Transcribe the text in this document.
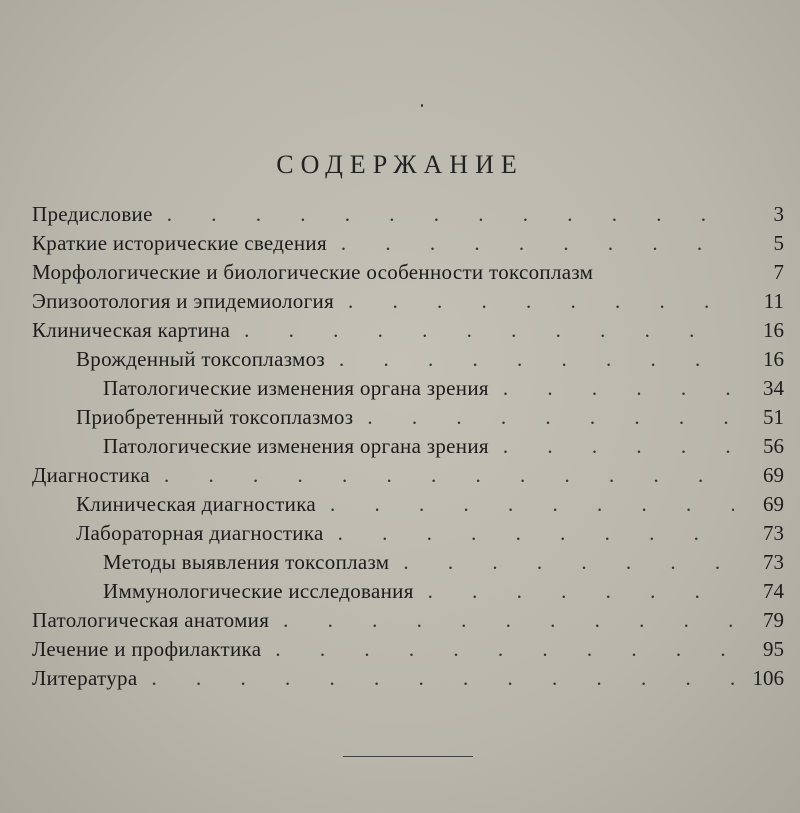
СОДЕРЖАНИЕ
Предисловие . . .	3
Краткие исторические сведения . . .	5
Морфологические и биологические особенности токсоплазм	7
Эпизоотология и эпидемиология . . .	11
Клиническая картина . . .	16
Врожденный токсоплазмоз . . .	16
Патологические изменения органа зрения . . .	34
Приобретенный токсоплазмоз . . .	51
Патологические изменения органа зрения . . .	56
Диагностика . . .	69
Клиническая диагностика . . .	69
Лабораторная диагностика . . .	73
Методы выявления токсоплазм . . .	73
Иммунологические исследования . . .	74
Патологическая анатомия . . .	79
Лечение и профилактика . . .	95
Литература . . .	106
